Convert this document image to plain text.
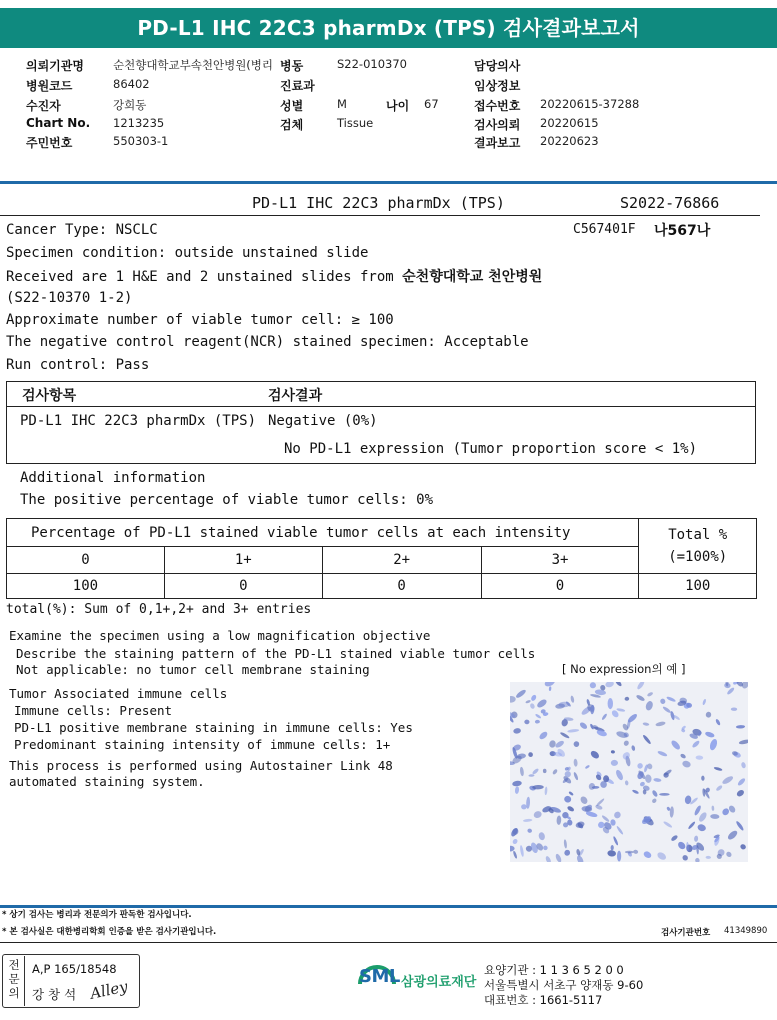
PD-L1 IHC 22C3 pharmDx (TPS) 검사결과보고서
의뢰기관명	순천향대학교부속천안병원(병리
병원코드	86402
수진자	강희동
Chart No. 1213235
주민번호	550303-1
병동	S22-010370
진료과
성별	M	나이 67
검체	Tissue
담당의사
임상정보
접수번호 20220615-37288
검사의뢰 20220615
결과보고 20220623
PD-L1 IHC 22C3 pharmDx (TPS)	S2022-76866
Cancer Type: NSCLC	C567401F 나567나
Specimen condition: outside unstained slide
Received are 1 H&E and 2 unstained slides from 순천향대학교 천안병원
(S22-10370 1-2)
Approximate number of viable tumor cell: ≥ 100
The negative control reagent(NCR) stained specimen: Acceptable
Run control: Pass
검사항목	검사결과
PD-L1 IHC 22C3 pharmDx (TPS) Negative (0%)
No PD-L1 expression (Tumor proportion score < 1%)
Additional information
The positive percentage of viable tumor cells: 0%
Percentage of PD-L1 stained viable tumor cells at each intensity				Total %
(=100%)

0	1+	2+	3+	
100	0	0	0	100
total(%): Sum of 0,1+,2+ and 3+ entries
Examine the specimen using a low magnification objective
Describe the staining pattern of the PD-L1 stained viable tumor cells
Not applicable: no tumor cell membrane staining	[ No expression의 예 ]
Tumor Associated immune cells
Immune cells: Present
PD-L1 positive membrane staining in immune cells: Yes
Predominant staining intensity of immune cells: 1+
This process is performed using Autostainer Link 48
automated staining system.
* 상기 검사는 병리과 전문의가 판독한 검사입니다.
* 본 검사실은 대한병리학회 인증을 받은 검사기관입니다.	검사기관번호 41349890
전문의
A,P 165/18548
강 창 석 Alley
SML 삼광의료재단
요양기관 : 1 1 3 6 5 2 0 0
서울특별시 서초구 양재동 9-60
대표번호 : 1661-5117
